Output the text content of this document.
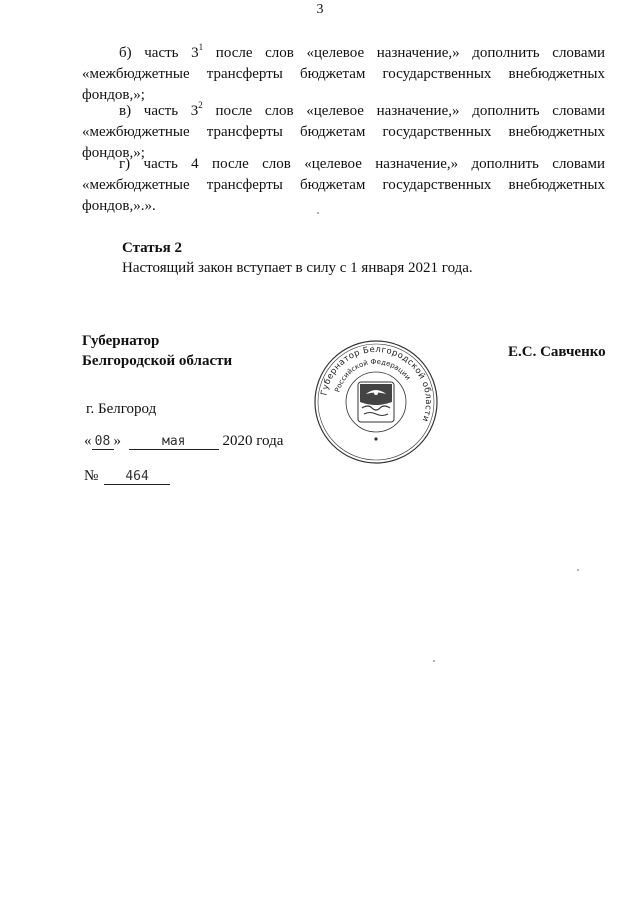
3
б) часть $3^1$ после слов «целевое назначение,» дополнить словами
«межбюджетные трансферты бюджетам государственных внебюджетных
фондов,»;
в) часть $3^2$ после слов «целевое назначение,» дополнить словами
«межбюджетные трансферты бюджетам государственных внебюджетных
фондов,»;
г) часть 4 после слов «целевое назначение,» дополнить словами
«межбюджетные трансферты бюджетам государственных внебюджетных
фондов,».».
Статья 2
Настоящий закон вступает в силу с 1 января 2021 года.
Губернатор
Белгородской области
Е.С. Савченко
Губернатор Белгородской области
Российской Федерации
г. Белгород
« 08 »	мая 2020 года
№ 464
